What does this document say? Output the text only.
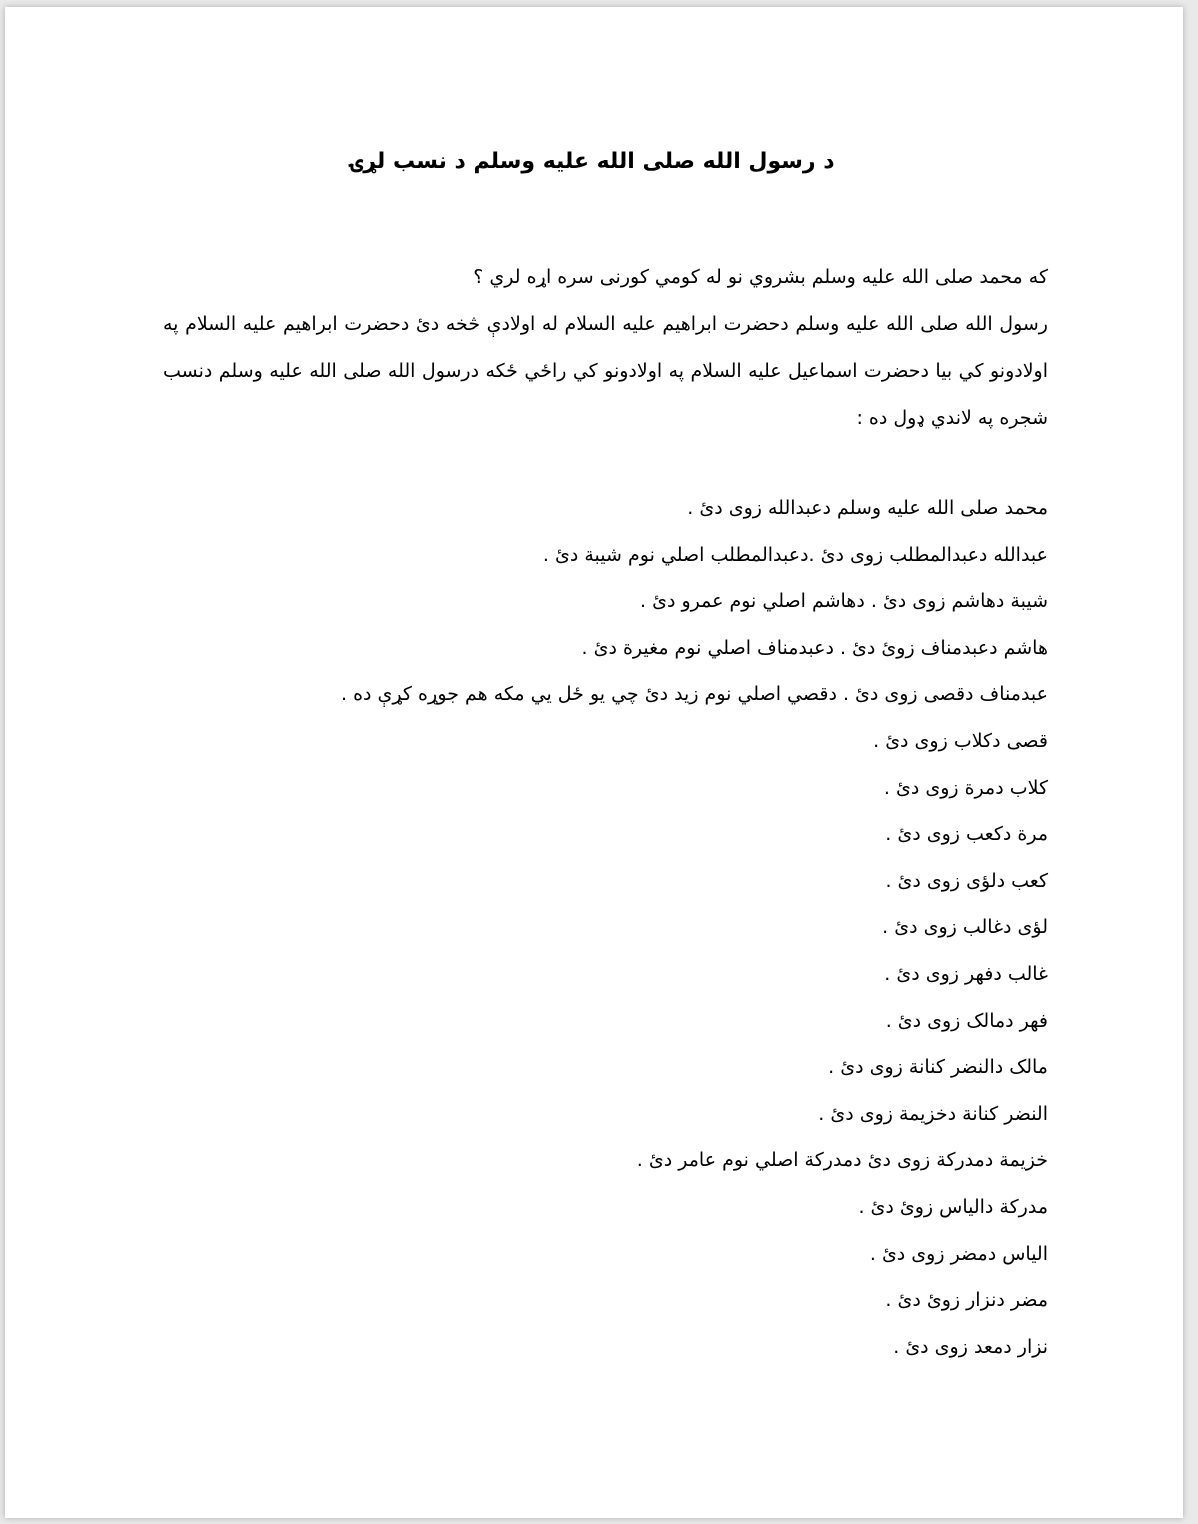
د رسول الله صلی الله علیه وسلم د نسب لړۍ

که محمد صلی الله علیه وسلم بشروي نو له کومي کورنی سره اړه لري ؟

رسول الله صلی الله علیه وسلم دحضرت ابراهيم عليه السلام له اولادې څخه دئ دحضرت ابراهيم عليه السلام په اولادونو کي بيا دحضرت اسماعيل عليه السلام په اولادونو کي راځي ځکه درسول الله صلی الله علیه وسلم دنسب شجره په لاندي ډول ده :

محمد صلی الله علیه وسلم دعبدالله زوی دئ .
عبدالله دعبدالمطلب زوی دئ .دعبدالمطلب اصلي نوم شيبة دئ .
شيبة دهاشم زوی دئ . دهاشم اصلي نوم عمرو دئ .
هاشم دعبدمناف زوئ دئ . دعبدمناف اصلي نوم مغيرة دئ .
عبدمناف دقصی زوی دئ . دقصي اصلي نوم زيد دئ چي يو ځل يي مکه هم جوړه کړې ده .
قصی دکلاب زوی دئ .
کلاب دمرة زوی دئ .
مرة دکعب زوی دئ .
کعب دلؤی زوی دئ .
لؤی دغالب زوی دئ .
غالب دفهر زوی دئ .
فهر دمالک زوی دئ .
مالک دالنضر کنانة زوی دئ .
النضر کنانة دخزيمة زوی دئ .
خزيمة دمدرکة زوی دئ دمدرکة اصلي نوم عامر دئ .
مدرکة دالياس زوئ دئ .
الياس دمضر زوی دئ .
مضر دنزار زوئ دئ .
نزار دمعد زوی دئ .
